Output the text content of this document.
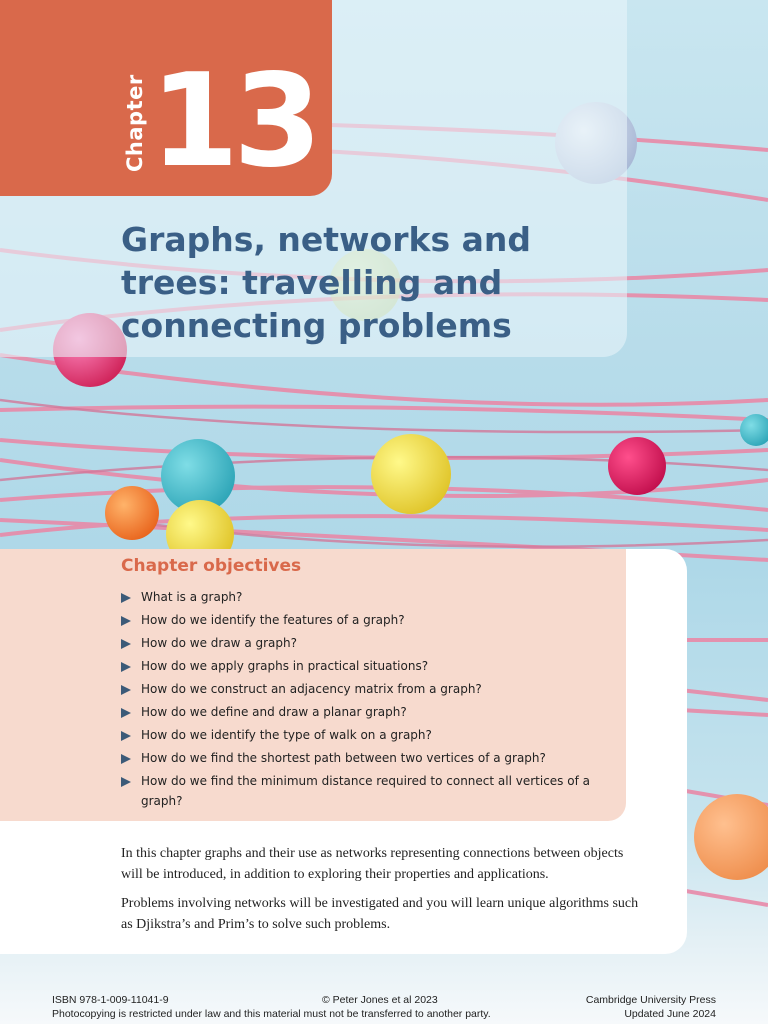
Chapter 13
Graphs, networks and
trees: travelling and
connecting problems
Chapter objectives
What is a graph?
How do we identify the features of a graph?
How do we draw a graph?
How do we apply graphs in practical situations?
How do we construct an adjacency matrix from a graph?
How do we define and draw a planar graph?
How do we identify the type of walk on a graph?
How do we find the shortest path between two vertices of a graph?
How do we find the minimum distance required to connect all vertices of a graph?

In this chapter graphs and their use as networks representing connections between objects will be introduced, in addition to exploring their properties and applications.

Problems involving networks will be investigated and you will learn unique algorithms such as Djikstra’s and Prim’s to solve such problems.

ISBN 978-1-009-11041-9	© Peter Jones et al 2023
Photocopying is restricted under law and this material must not be transferred to another party.
Cambridge University Press
Updated June 2024
